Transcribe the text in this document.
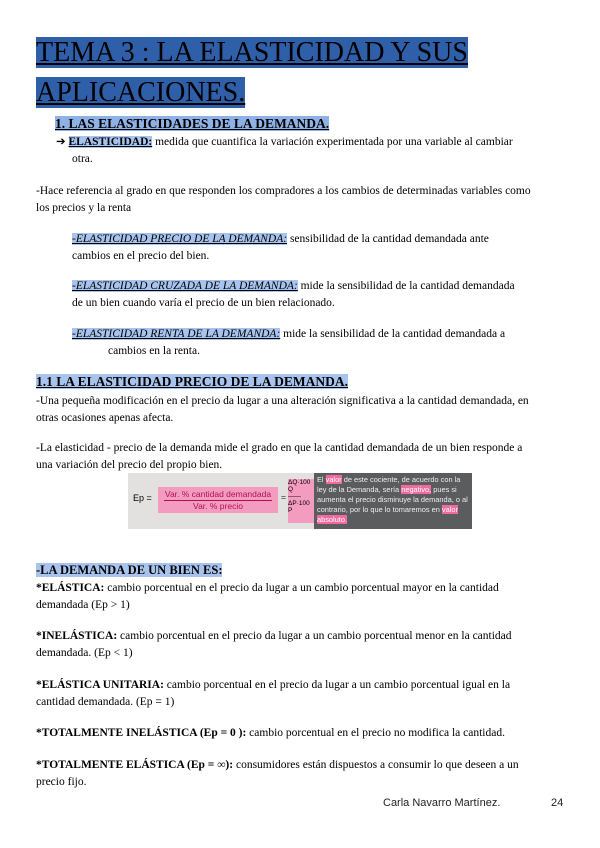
TEMA 3 : LA ELASTICIDAD Y SUS
APLICACIONES.
1. LAS ELASTICIDADES DE LA DEMANDA.
➔ ELASTICIDAD: medida que cuantifica la variación experimentada por una variable al cambiar
otra.
-Hace referencia al grado en que responden los compradores a los cambios de determinadas variables como
los precios y la renta
-ELASTICIDAD PRECIO DE LA DEMANDA: sensibilidad de la cantidad demandada ante
cambios en el precio del bien.
-ELASTICIDAD CRUZADA DE LA DEMANDA: mide la sensibilidad de la cantidad demandada
de un bien cuando varía el precio de un bien relacionado.
-ELASTICIDAD RENTA DE LA DEMANDA: mide la sensibilidad de la cantidad demandada a
cambios en la renta.
1.1 LA ELASTICIDAD PRECIO DE LA DEMANDA.
-Una pequeña modificación en el precio da lugar a una alteración significativa a la cantidad demandada, en
otras ocasiones apenas afecta.
-La elasticidad - precio de la demanda mide el grado en que la cantidad demandada de un bien responde a
una variación del precio del propio bien.
Ep =	Var. % cantidad demandada
Var. % precio
=
ΔQ·100
Q
——
ΔP·100
P
El valor de este cociente, de acuerdo con la ley de la Demanda, sería negativo, pues si aumenta el precio disminuye la demanda, o al contrario, por lo que lo tomaremos en valor absoluto.
-LA DEMANDA DE UN BIEN ES:
*ELÁSTICA: cambio porcentual en el precio da lugar a un cambio porcentual mayor en la cantidad
demandada (Ep > 1)
*INELÁSTICA: cambio porcentual en el precio da lugar a un cambio porcentual menor en la cantidad
demandada. (Ep < 1)
*ELÁSTICA UNITARIA: cambio porcentual en el precio da lugar a un cambio porcentual igual en la
cantidad demandada. (Ep = 1)
*TOTALMENTE INELÁSTICA (Ep = 0 ): cambio porcentual en el precio no modifica la cantidad.
*TOTALMENTE ELÁSTICA (Ep = ∞): consumidores están dispuestos a consumir lo que deseen a un
precio fijo.
Carla Navarro Martínez.	24
